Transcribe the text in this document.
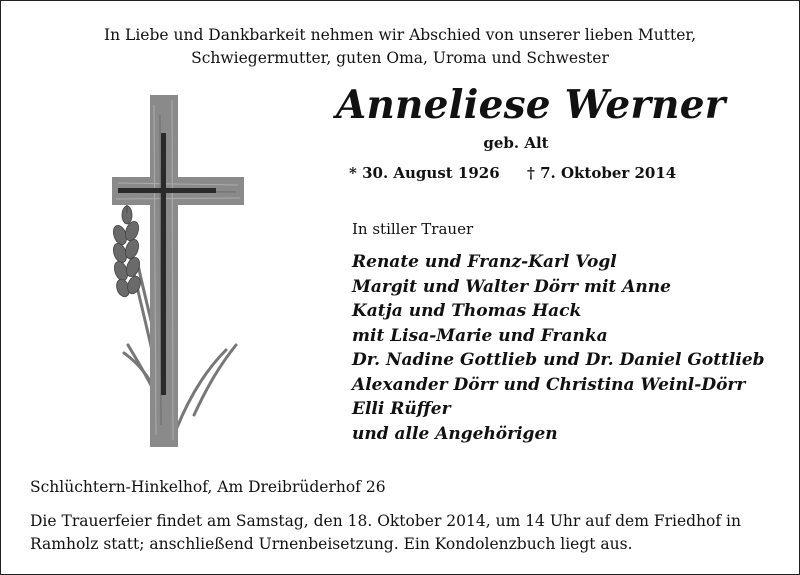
In Liebe und Dankbarkeit nehmen wir Abschied von unserer lieben Mutter,
Schwiegermutter, guten Oma, Uroma und Schwester
Anneliese Werner
geb. Alt
* 30. August 1926 † 7. Oktober 2014
In stiller Trauer
Renate und Franz-Karl Vogl
Margit und Walter Dörr mit Anne
Katja und Thomas Hack
mit Lisa-Marie und Franka
Dr. Nadine Gottlieb und Dr. Daniel Gottlieb
Alexander Dörr und Christina Weinl-Dörr
Elli Rüffer
und alle Angehörigen
Schlüchtern-Hinkelhof, Am Dreibrüderhof 26
Die Trauerfeier findet am Samstag, den 18. Oktober 2014, um 14 Uhr auf dem Friedhof in
Ramholz statt; anschließend Urnenbeisetzung. Ein Kondolenzbuch liegt aus.
